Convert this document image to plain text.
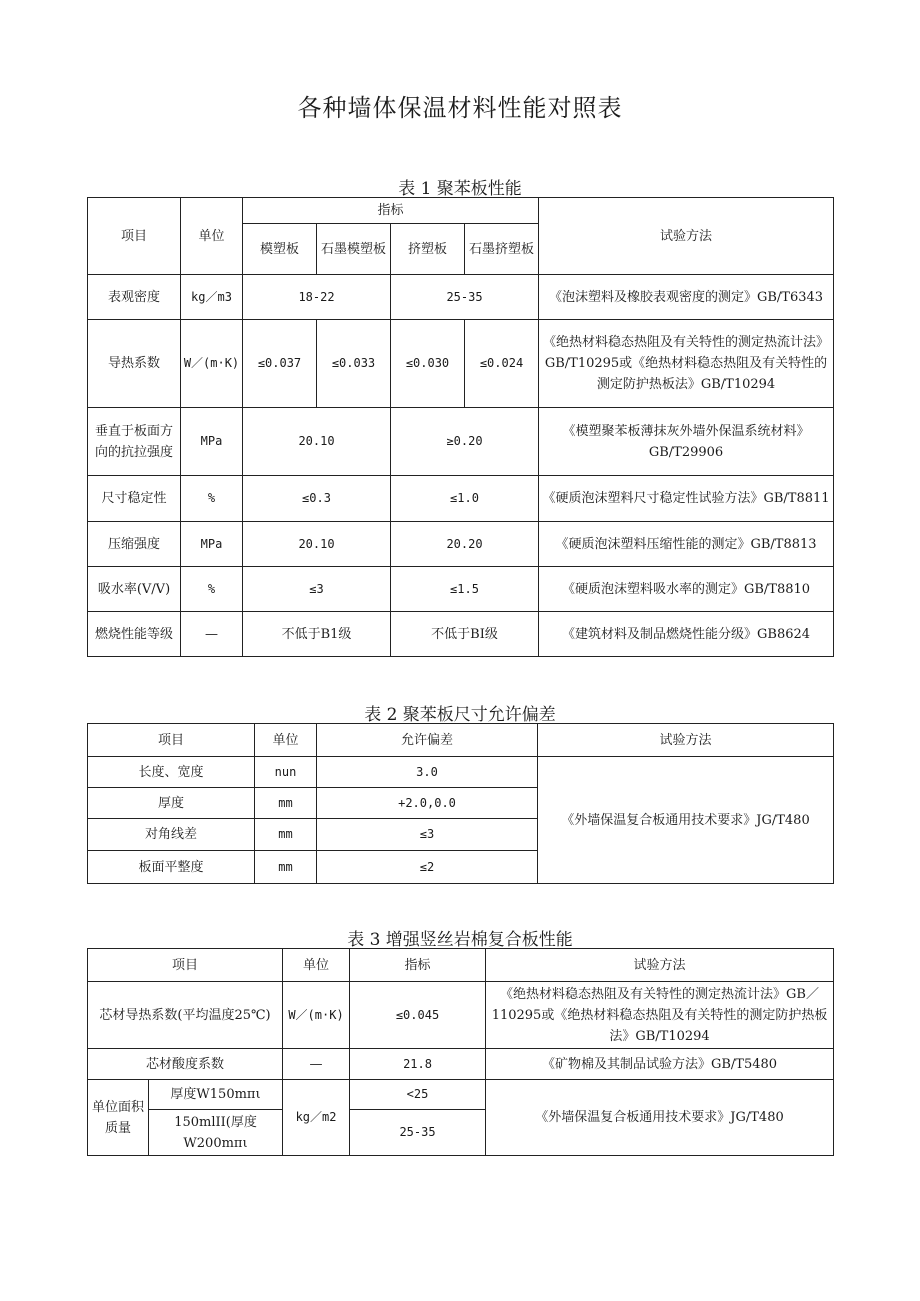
各种墙体保温材料性能对照表
表 1 聚苯板性能
项目	单位	指标				试验方法
		模塑板	石墨模塑板	挤塑板	石墨挤塑板	
表观密度	kg／m3	18-22		25-35		《泡沫塑料及橡胶表观密度的测定》GB/T6343
导热系数	W／(m·K)	≤0.037	≤0.033	≤0.030	≤0.024	《绝热材料稳态热阻及有关特性的测定热流计法》GB/T10295或《绝热材料稳态热阻及有关特性的测定防护热板法》GB/T10294
垂直于板面方向的抗拉强度	MPa	20.10		≥0.20		《模塑聚苯板薄抹灰外墙外保温系统材料》GB/T29906
尺寸稳定性	%	≤0.3		≤1.0		《硬质泡沫塑料尺寸稳定性试验方法》GB/T8811
压缩强度	MPa	20.10		20.20		《硬质泡沫塑料压缩性能的测定》GB/T8813
吸水率(V/V)	%	≤3		≤1.5		《硬质泡沫塑料吸水率的测定》GB/T8810
燃烧性能等级	—	不低于B1级		不低于BI级		《建筑材料及制品燃烧性能分级》GB8624
表 2 聚苯板尺寸允许偏差
项目	单位	允许偏差	试验方法
长度、宽度	nun	3.0	《外墙保温复合板通用技术要求》JG/T480
厚度	mm	+2.0,0.0	
对角线差	mm	≤3	
板面平整度	mm	≤2	
表 3 增强竖丝岩棉复合板性能
项目		单位	指标	试验方法
芯材导热系数(平均温度25℃)		W／(m·K)	≤0.045	《绝热材料稳态热阻及有关特性的测定热流计法》GB／110295或《绝热材料稳态热阻及有关特性的测定防护热板法》GB/T10294
芯材酸度系数		—	21.8	《矿物棉及其制品试验方法》GB/T5480
单位面积质量	厚度W150mπι	kg／m2	<25	《外墙保温复合板通用技术要求》JG/T480
	150mlII(厚度W200mπι		25-35	
